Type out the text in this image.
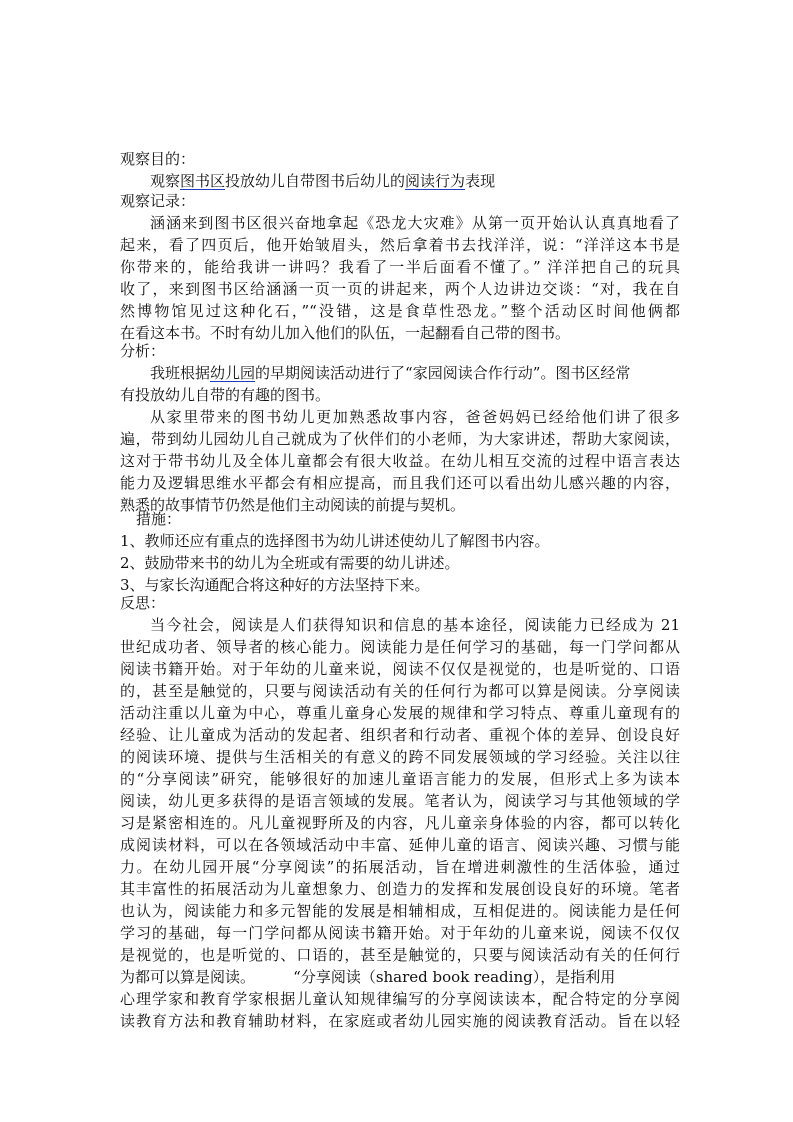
观察目的：
观察图书区投放幼儿自带图书后幼儿的阅读行为表现
观察记录：
涵涵来到图书区很兴奋地拿起《恐龙大灾难》从第一页开始认认真真地看了
起来，看了四页后，他开始皱眉头，然后拿着书去找洋洋，说：“洋洋这本书是
你带来的，能给我讲一讲吗？我看了一半后面看不懂了。” 洋洋把自己的玩具
收了，来到图书区给涵涵一页一页的讲起来，两个人边讲边交谈：“对，我在自
然博物馆见过这种化石，”“没错，这是食草性恐龙。”整个活动区时间他俩都
在看这本书。不时有幼儿加入他们的队伍，一起翻看自己带的图书。
分析：
我班根据幼儿园的早期阅读活动进行了“家园阅读合作行动”。图书区经常
有投放幼儿自带的有趣的图书。
从家里带来的图书幼儿更加熟悉故事内容，爸爸妈妈已经给他们讲了很多
遍，带到幼儿园幼儿自己就成为了伙伴们的小老师，为大家讲述，帮助大家阅读，
这对于带书幼儿及全体儿童都会有很大收益。在幼儿相互交流的过程中语言表达
能力及逻辑思维水平都会有相应提高，而且我们还可以看出幼儿感兴趣的内容，
熟悉的故事情节仍然是他们主动阅读的前提与契机。
措施：
1、教师还应有重点的选择图书为幼儿讲述使幼儿了解图书内容。
2、鼓励带来书的幼儿为全班或有需要的幼儿讲述。
3、与家长沟通配合将这种好的方法坚持下来。
反思：
当今社会，阅读是人们获得知识和信息的基本途径，阅读能力已经成为 21
世纪成功者、领导者的核心能力。阅读能力是任何学习的基础，每一门学问都从
阅读书籍开始。对于年幼的儿童来说，阅读不仅仅是视觉的，也是听觉的、口语
的，甚至是触觉的，只要与阅读活动有关的任何行为都可以算是阅读。分享阅读
活动注重以儿童为中心，尊重儿童身心发展的规律和学习特点、尊重儿童现有的
经验、让儿童成为活动的发起者、组织者和行动者、重视个体的差异、创设良好
的阅读环境、提供与生活相关的有意义的跨不同发展领域的学习经验。关注以往
的“分享阅读”研究，能够很好的加速儿童语言能力的发展，但形式上多为读本
阅读，幼儿更多获得的是语言领域的发展。笔者认为，阅读学习与其他领域的学
习是紧密相连的。凡儿童视野所及的内容，凡儿童亲身体验的内容，都可以转化
成阅读材料，可以在各领域活动中丰富、延伸儿童的语言、阅读兴趣、习惯与能
力。在幼儿园开展“分享阅读”的拓展活动，旨在增进刺激性的生活体验，通过
其丰富性的拓展活动为儿童想象力、创造力的发挥和发展创设良好的环境。笔者
也认为，阅读能力和多元智能的发展是相辅相成，互相促进的。阅读能力是任何
学习的基础，每一门学问都从阅读书籍开始。对于年幼的儿童来说，阅读不仅仅
是视觉的，也是听觉的、口语的，甚至是触觉的，只要与阅读活动有关的任何行
为都可以算是阅读。        “分享阅读（shared book reading），是指利用
心理学家和教育学家根据儿童认知规律编写的分享阅读读本，配合特定的分享阅
读教育方法和教育辅助材料，在家庭或者幼儿园实施的阅读教育活动。旨在以轻
